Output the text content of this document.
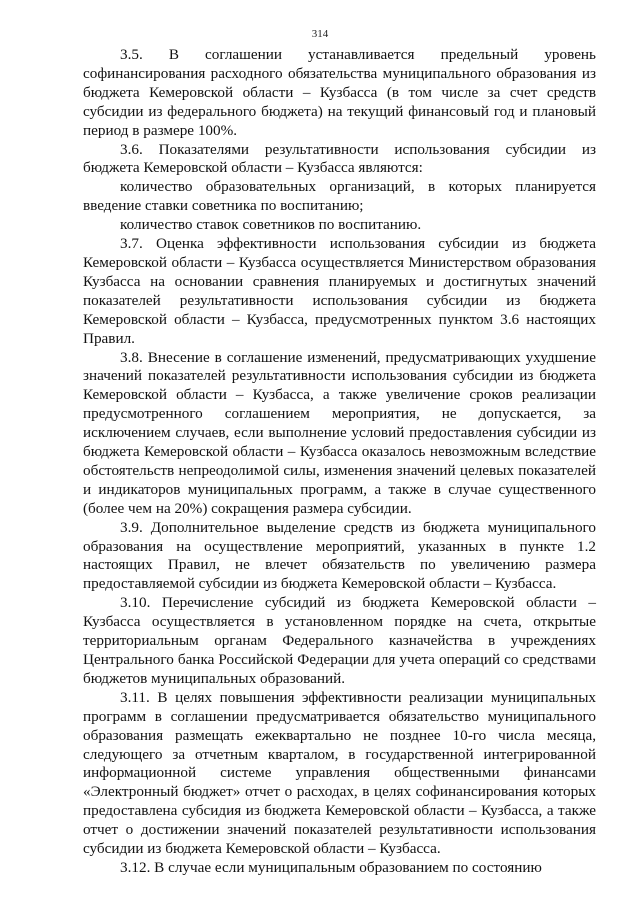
314

3.5. В соглашении устанавливается предельный уровень софинансирования расходного обязательства муниципального образования из бюджета Кемеровской области – Кузбасса (в том числе за счет средств субсидии из федерального бюджета) на текущий финансовый год и плановый период в размере 100%.

3.6. Показателями результативности использования субсидии из бюджета Кемеровской области – Кузбасса являются:

количество образовательных организаций, в которых планируется введение ставки советника по воспитанию;

количество ставок советников по воспитанию.

3.7. Оценка эффективности использования субсидии из бюджета Кемеровской области – Кузбасса осуществляется Министерством образования Кузбасса на основании сравнения планируемых и достигнутых значений показателей результативности использования субсидии из бюджета Кемеровской области – Кузбасса, предусмотренных пунктом 3.6 настоящих Правил.

3.8. Внесение в соглашение изменений, предусматривающих ухудшение значений показателей результативности использования субсидии из бюджета Кемеровской области – Кузбасса, а также увеличение сроков реализации предусмотренного соглашением мероприятия, не допускается, за исключением случаев, если выполнение условий предоставления субсидии из бюджета Кемеровской области – Кузбасса оказалось невозможным вследствие обстоятельств непреодолимой силы, изменения значений целевых показателей и индикаторов муниципальных программ, а также в случае существенного (более чем на 20%) сокращения размера субсидии.

3.9. Дополнительное выделение средств из бюджета муниципального образования на осуществление мероприятий, указанных в пункте 1.2 настоящих Правил, не влечет обязательств по увеличению размера предоставляемой субсидии из бюджета Кемеровской области – Кузбасса.

3.10. Перечисление субсидий из бюджета Кемеровской области – Кузбасса осуществляется в установленном порядке на счета, открытые территориальным органам Федерального казначейства в учреждениях Центрального банка Российской Федерации для учета операций со средствами бюджетов муниципальных образований.

3.11. В целях повышения эффективности реализации муниципальных программ в соглашении предусматривается обязательство муниципального образования размещать ежеквартально не позднее 10-го числа месяца, следующего за отчетным кварталом, в государственной интегрированной информационной системе управления общественными финансами «Электронный бюджет» отчет о расходах, в целях софинансирования которых предоставлена субсидия из бюджета Кемеровской области – Кузбасса, а также отчет о достижении значений показателей результативности использования субсидии из бюджета Кемеровской области – Кузбасса.

3.12. В случае если муниципальным образованием по состоянию
